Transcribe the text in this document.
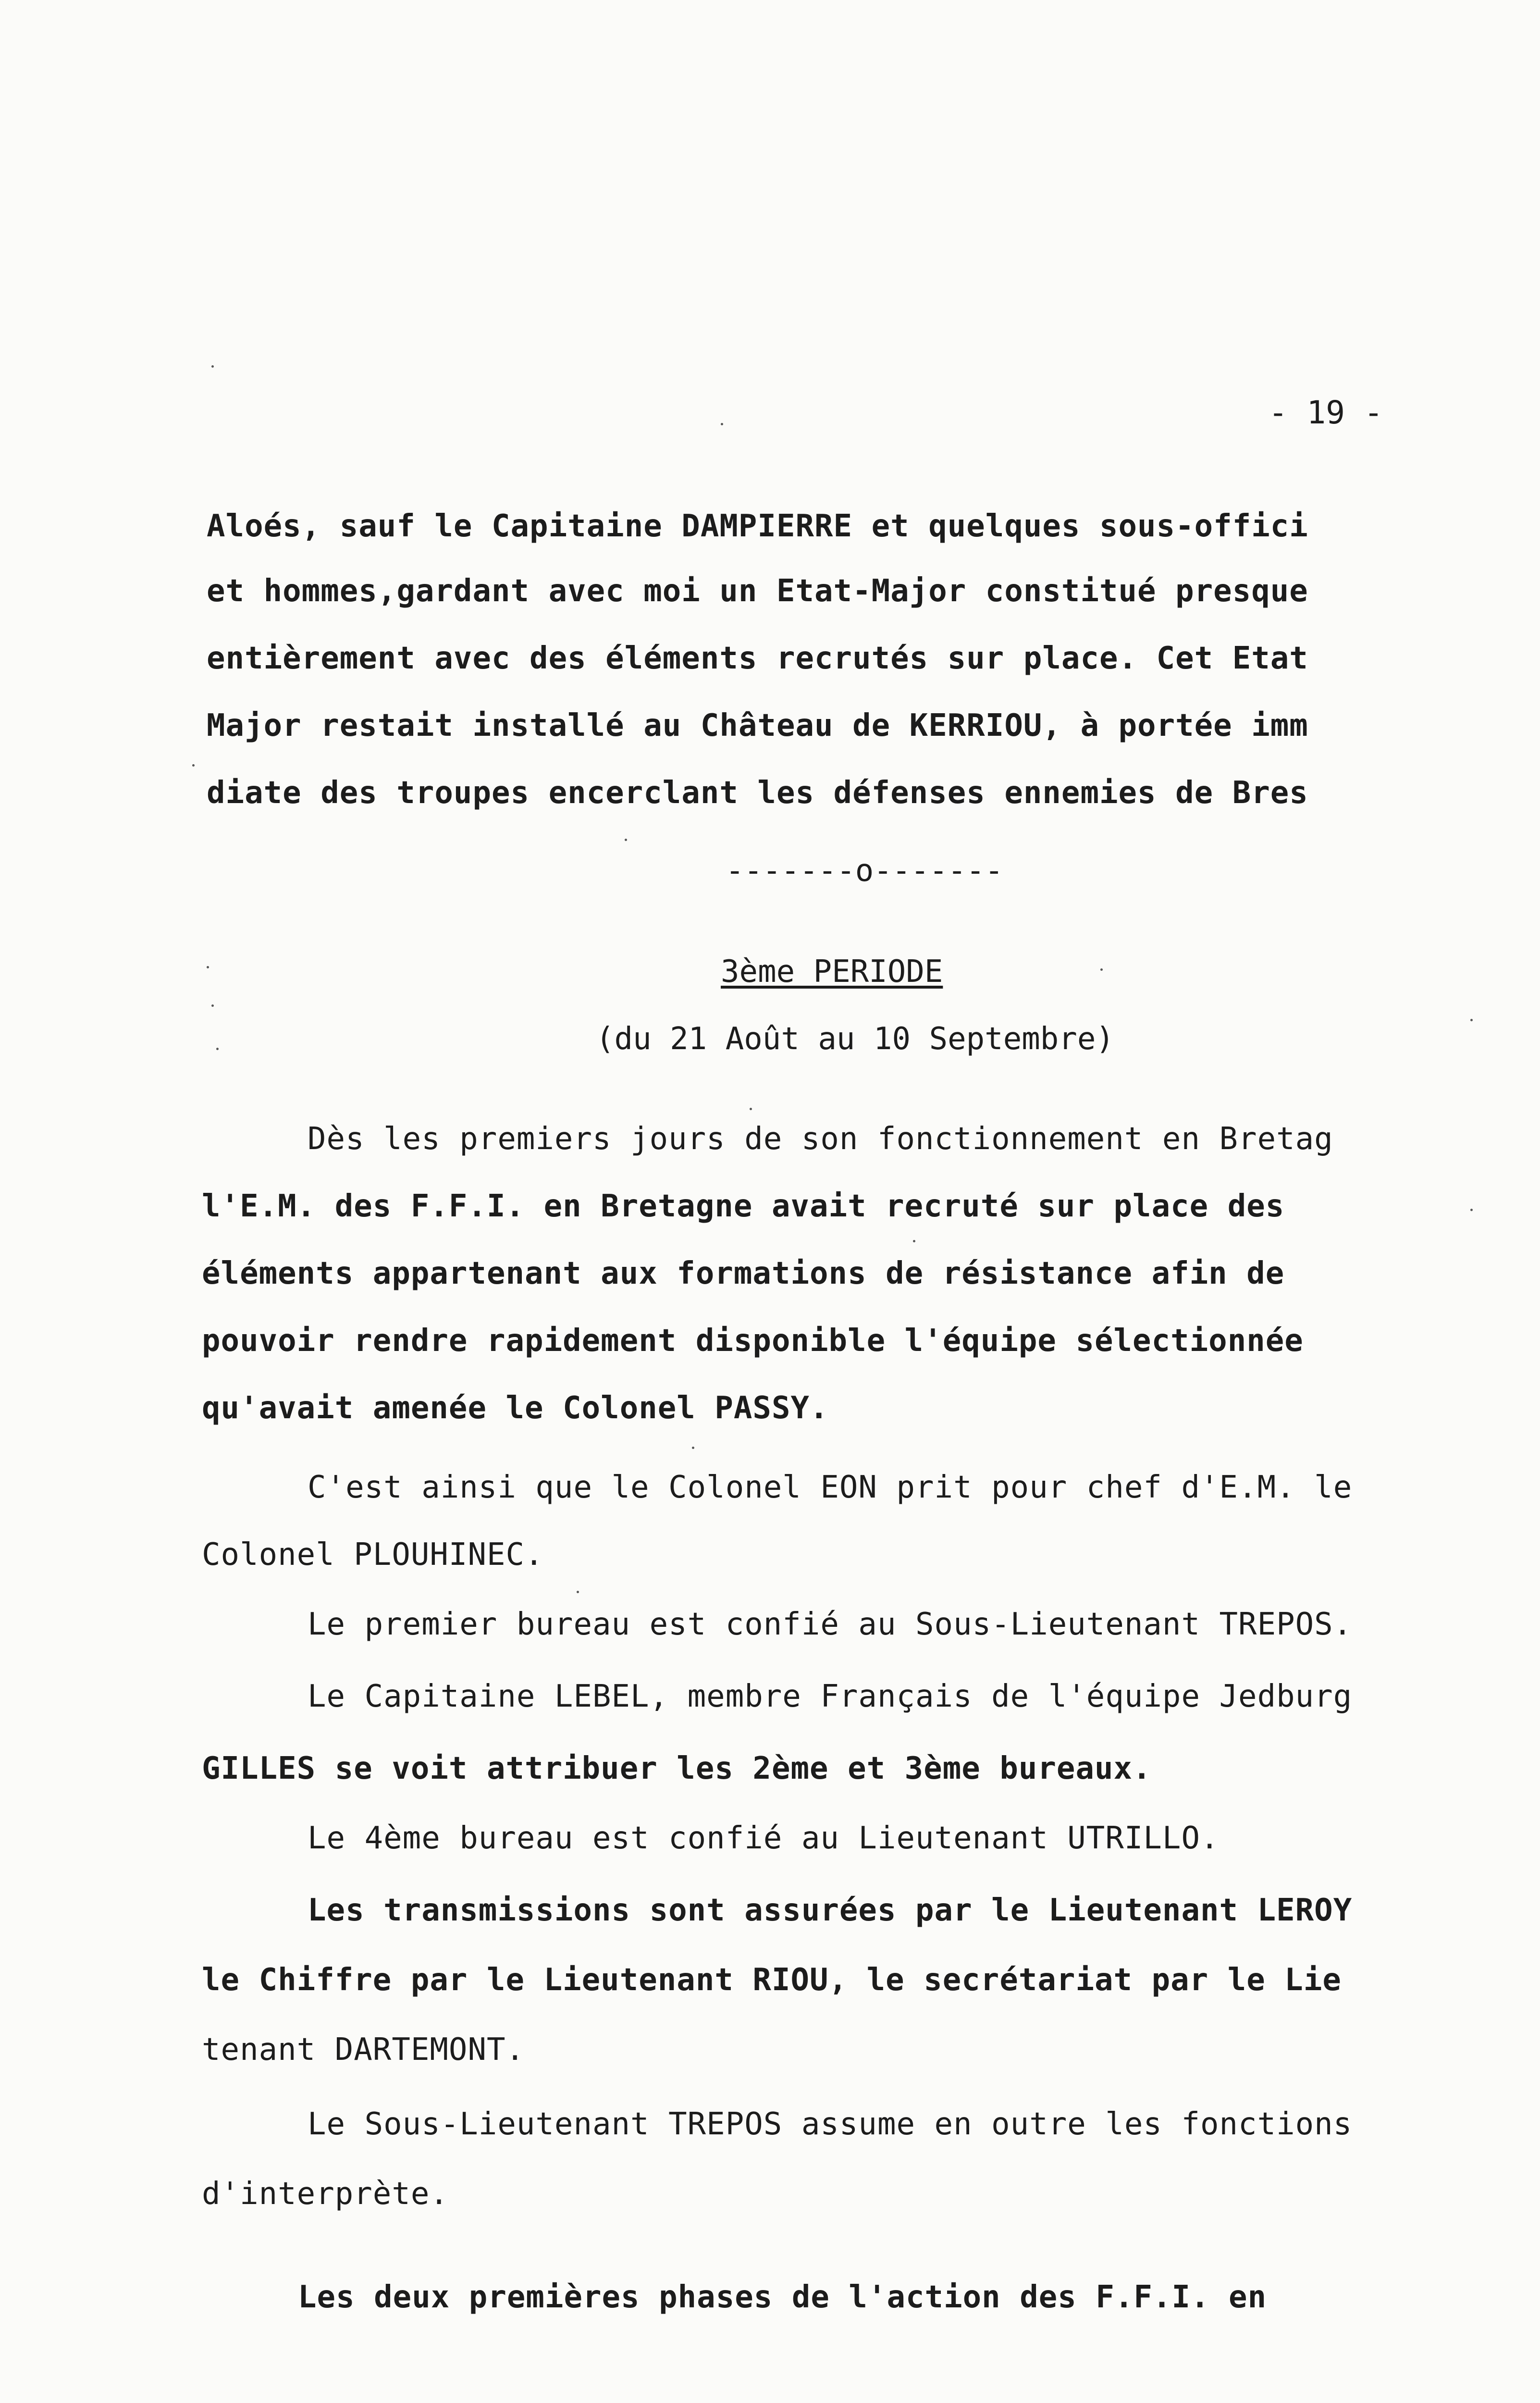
- 19 -
Aloés, sauf le Capitaine DAMPIERRE et quelques sous-offici
et hommes,gardant avec moi un Etat-Major constitué presque
entièrement avec des éléments recrutés sur place. Cet Etat
Major restait installé au Château de KERRIOU, à portée imm
diate des troupes encerclant les défenses ennemies de Bres
-------o-------
3ème PERIODE
(du 21 Août au 10 Septembre)
Dès les premiers jours de son fonctionnement en Bretag
l'E.M. des F.F.I. en Bretagne avait recruté sur place des
éléments appartenant aux formations de résistance afin de
pouvoir rendre rapidement disponible l'équipe sélectionnée
qu'avait amenée le Colonel PASSY.
C'est ainsi que le Colonel EON prit pour chef d'E.M. le
Colonel PLOUHINEC.
Le premier bureau est confié au Sous-Lieutenant TREPOS.
Le Capitaine LEBEL, membre Français de l'équipe Jedburg
GILLES se voit attribuer les 2ème et 3ème bureaux.
Le 4ème bureau est confié au Lieutenant UTRILLO.
Les transmissions sont assurées par le Lieutenant LEROY
le Chiffre par le Lieutenant RIOU, le secrétariat par le Lie
tenant DARTEMONT.
Le Sous-Lieutenant TREPOS assume en outre les fonctions
d'interprète.
Les deux premières phases de l'action des F.F.I. en
